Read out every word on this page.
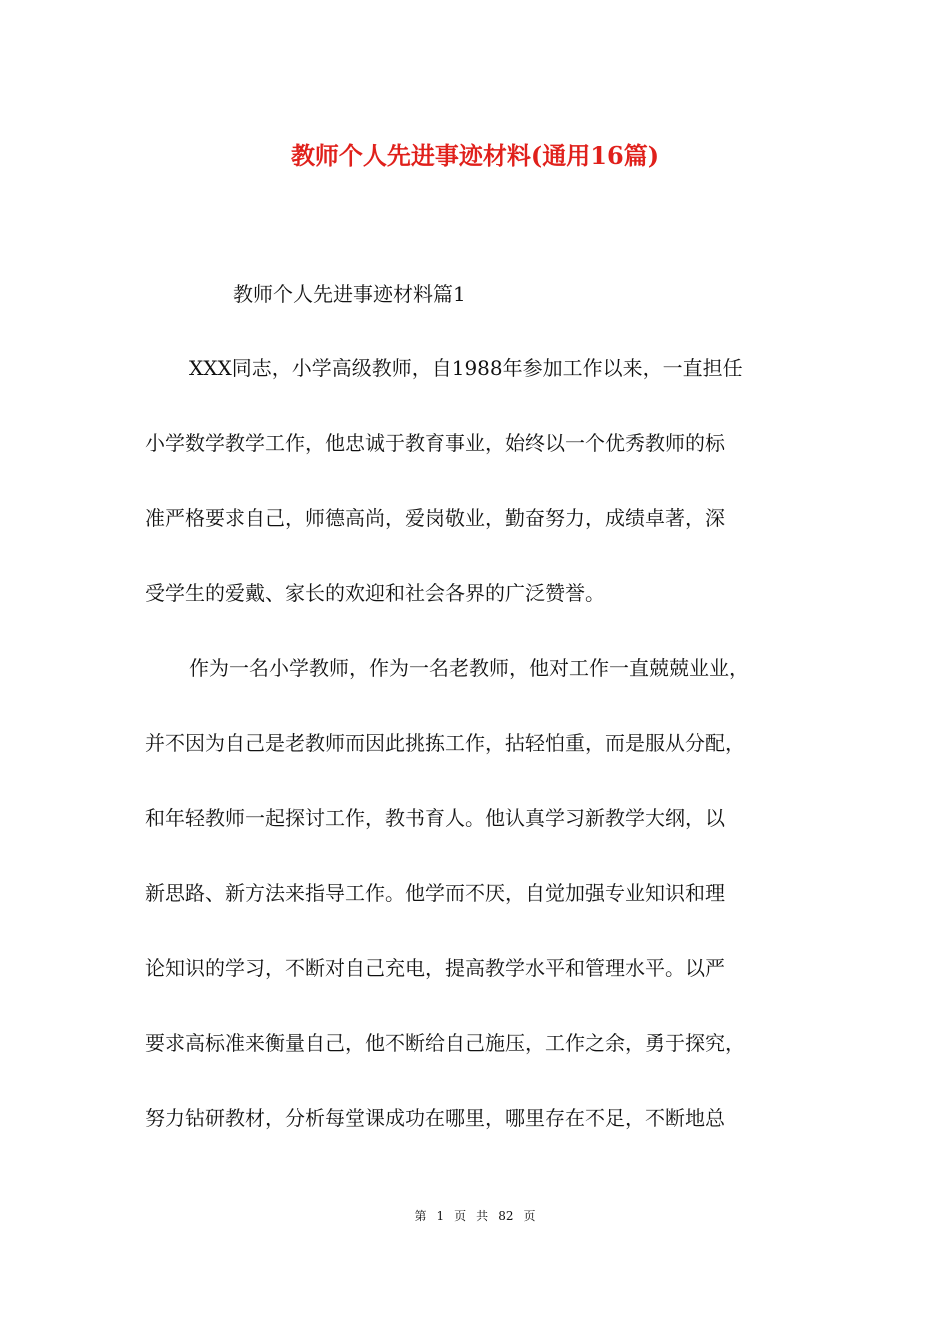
教师个人先进事迹材料(通用16篇)
教师个人先进事迹材料篇1
XXX同志，小学高级教师，自1988年参加工作以来，一直担任
小学数学教学工作，他忠诚于教育事业，始终以一个优秀教师的标
准严格要求自己，师德高尚，爱岗敬业，勤奋努力，成绩卓著，深
受学生的爱戴、家长的欢迎和社会各界的广泛赞誉。
作为一名小学教师，作为一名老教师，他对工作一直兢兢业业，
并不因为自己是老教师而因此挑拣工作，拈轻怕重，而是服从分配，
和年轻教师一起探讨工作，教书育人。他认真学习新教学大纲，以
新思路、新方法来指导工作。他学而不厌，自觉加强专业知识和理
论知识的学习，不断对自己充电，提高教学水平和管理水平。以严
要求高标准来衡量自己，他不断给自己施压，工作之余，勇于探究，
努力钻研教材，分析每堂课成功在哪里，哪里存在不足，不断地总
第 1 页 共 82 页
